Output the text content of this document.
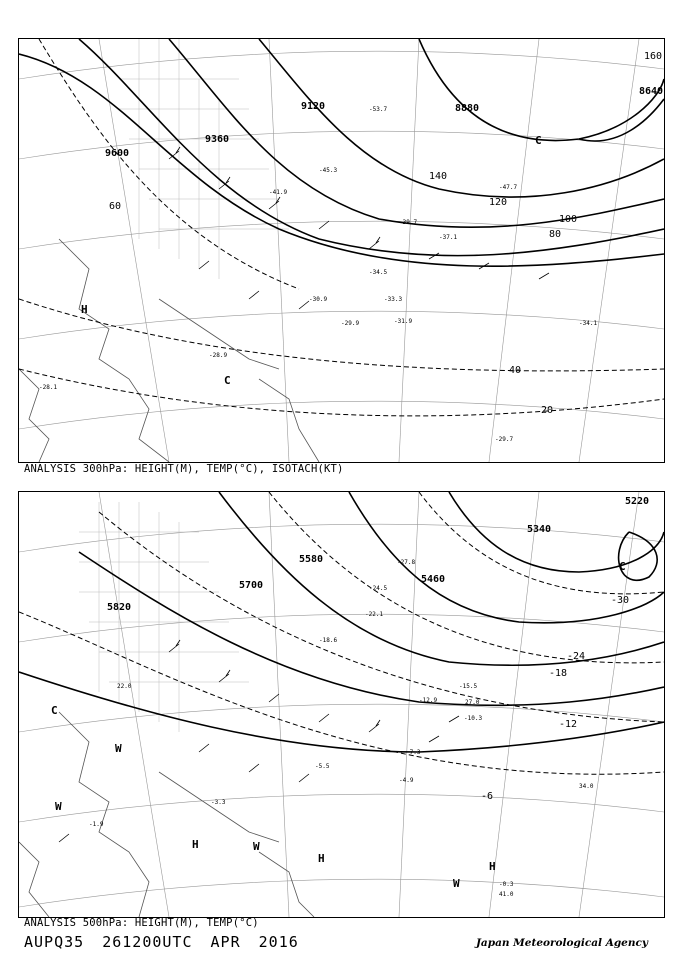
9600
9360
9120	8880
8640
20
40
60
80
100
120
140
160
-53.7
-47.7
-45.3
-41.9
-39.7
-37.1
-34.5
-33.3
-31.9
-30.9
-29.9
-28.9
-28.1
-29.7
-34.1
H
C
C
ANALYSIS 300hPa: HEIGHT(M), TEMP(°C), ISOTACH(KT)
5820
5700
5580
5460
5340
5220
-6
-12
-18
-24
-30
-27.8
-24.5
-22.1
-18.6
-15.5
-12.9
-10.3
-7.3
-5.5
-4.9
-3.3
-1.9
-0.3
41.0
34.0
27.0
22.0
C
C
W
W
H	W
H
H
W
ANALYSIS 500hPa: HEIGHT(M), TEMP(°C)
AUPQ35 261200UTC APR 2016	Japan Meteorological Agency
